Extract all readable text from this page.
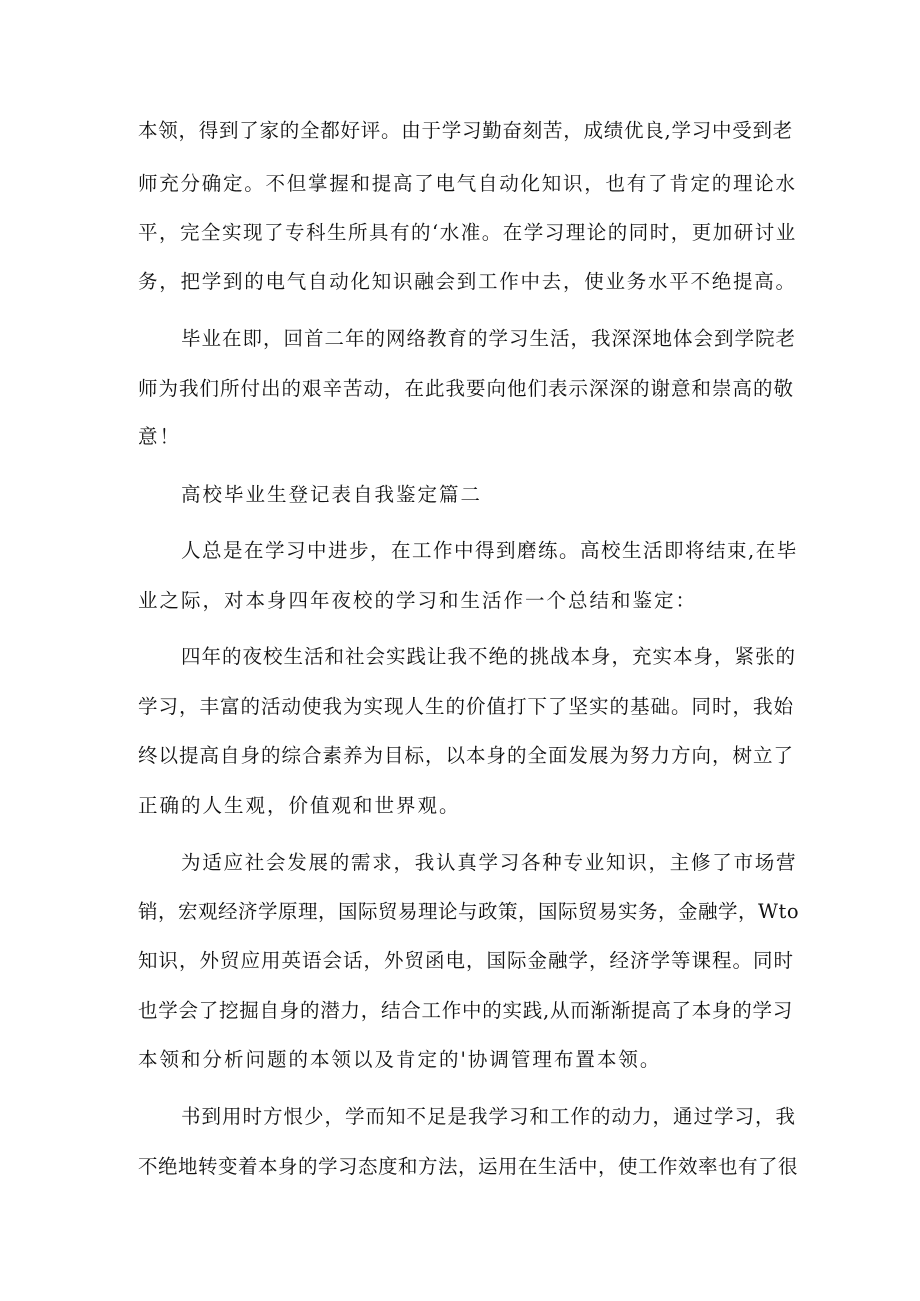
本领，得到了家的全都好评。由于学习勤奋刻苦，成绩优良,学习中受到老
师充分确定。不但掌握和提高了电气自动化知识，也有了肯定的理论水
平，完全实现了专科生所具有的‘水准。在学习理论的同时，更加研讨业
务，把学到的电气自动化知识融会到工作中去，使业务水平不绝提高。
毕业在即，回首二年的网络教育的学习生活，我深深地体会到学院老
师为我们所付出的艰辛苦动，在此我要向他们表示深深的谢意和崇高的敬
意！
高校毕业生登记表自我鉴定篇二
人总是在学习中进步，在工作中得到磨练。高校生活即将结束,在毕
业之际，对本身四年夜校的学习和生活作一个总结和鉴定：
四年的夜校生活和社会实践让我不绝的挑战本身，充实本身，紧张的
学习，丰富的活动使我为实现人生的价值打下了坚实的基础。同时，我始
终以提高自身的综合素养为目标，以本身的全面发展为努力方向，树立了
正确的人生观，价值观和世界观。
为适应社会发展的需求，我认真学习各种专业知识，主修了市场营
销，宏观经济学原理，国际贸易理论与政策，国际贸易实务，金融学，Wto
知识，外贸应用英语会话，外贸函电，国际金融学，经济学等课程。同时
也学会了挖掘自身的潜力，结合工作中的实践,从而渐渐提高了本身的学习
本领和分析问题的本领以及肯定的'协调管理布置本领。
书到用时方恨少，学而知不足是我学习和工作的动力，通过学习，我
不绝地转变着本身的学习态度和方法，运用在生活中，使工作效率也有了很
